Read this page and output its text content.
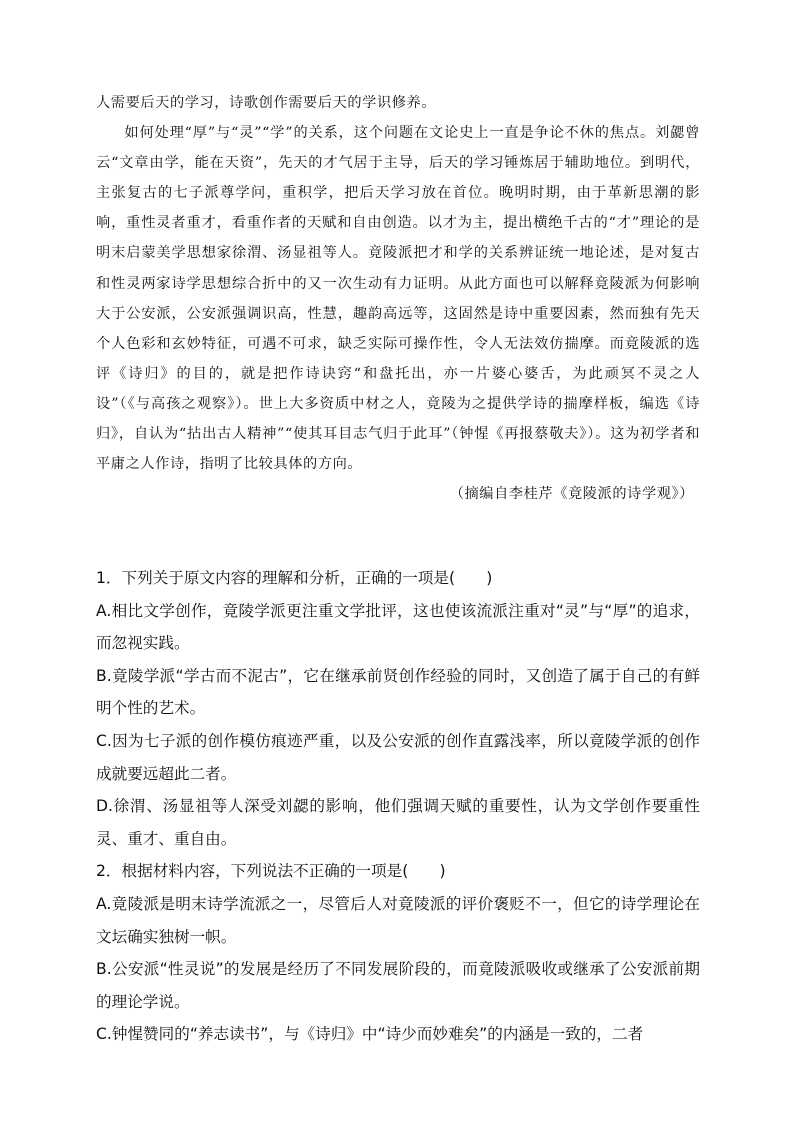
人需要后天的学习，诗歌创作需要后天的学识修养。

如何处理“厚”与“灵”“学”的关系，这个问题在文论史上一直是争论不休的焦点。刘勰曾云“文章由学，能在天资”，先天的才气居于主导，后天的学习锤炼居于辅助地位。到明代，主张复古的七子派尊学问，重积学，把后天学习放在首位。晚明时期，由于革新思潮的影响，重性灵者重才，看重作者的天赋和自由创造。以才为主，提出横绝千古的“才”理论的是明末启蒙美学思想家徐渭、汤显祖等人。竟陵派把才和学的关系辨证统一地论述，是对复古和性灵两家诗学思想综合折中的又一次生动有力证明。从此方面也可以解释竟陵派为何影响大于公安派，公安派强调识高，性慧，趣韵高远等，这固然是诗中重要因素，然而独有先天个人色彩和玄妙特征，可遇不可求，缺乏实际可操作性，令人无法效仿揣摩。而竟陵派的选评《诗归》的目的，就是把作诗诀窍“和盘托出，亦一片婆心婆舌，为此顽冥不灵之人设”（《与高孩之观察》）。世上大多资质中材之人，竟陵为之提供学诗的揣摩样板，编选《诗归》，自认为“拈出古人精神”“使其耳目志气归于此耳”（钟惺《再报蔡敬夫》）。这为初学者和平庸之人作诗，指明了比较具体的方向。

（摘编自李桂芹《竟陵派的诗学观》）

1．下列关于原文内容的理解和分析，正确的一项是(　　)

A.相比文学创作，竟陵学派更注重文学批评，这也使该流派注重对“灵”与“厚”的追求，而忽视实践。

B.竟陵学派“学古而不泥古”，它在继承前贤创作经验的同时，又创造了属于自己的有鲜明个性的艺术。

C.因为七子派的创作模仿痕迹严重，以及公安派的创作直露浅率，所以竟陵学派的创作成就要远超此二者。

D.徐渭、汤显祖等人深受刘勰的影响，他们强调天赋的重要性，认为文学创作要重性灵、重才、重自由。

2．根据材料内容，下列说法不正确的一项是(　　)

A.竟陵派是明末诗学流派之一，尽管后人对竟陵派的评价褒贬不一，但它的诗学理论在文坛确实独树一帜。

B.公安派“性灵说”的发展是经历了不同发展阶段的，而竟陵派吸收或继承了公安派前期的理论学说。

C.钟惺赞同的“养志读书”，与《诗归》中“诗少而妙难矣”的内涵是一致的，二者
